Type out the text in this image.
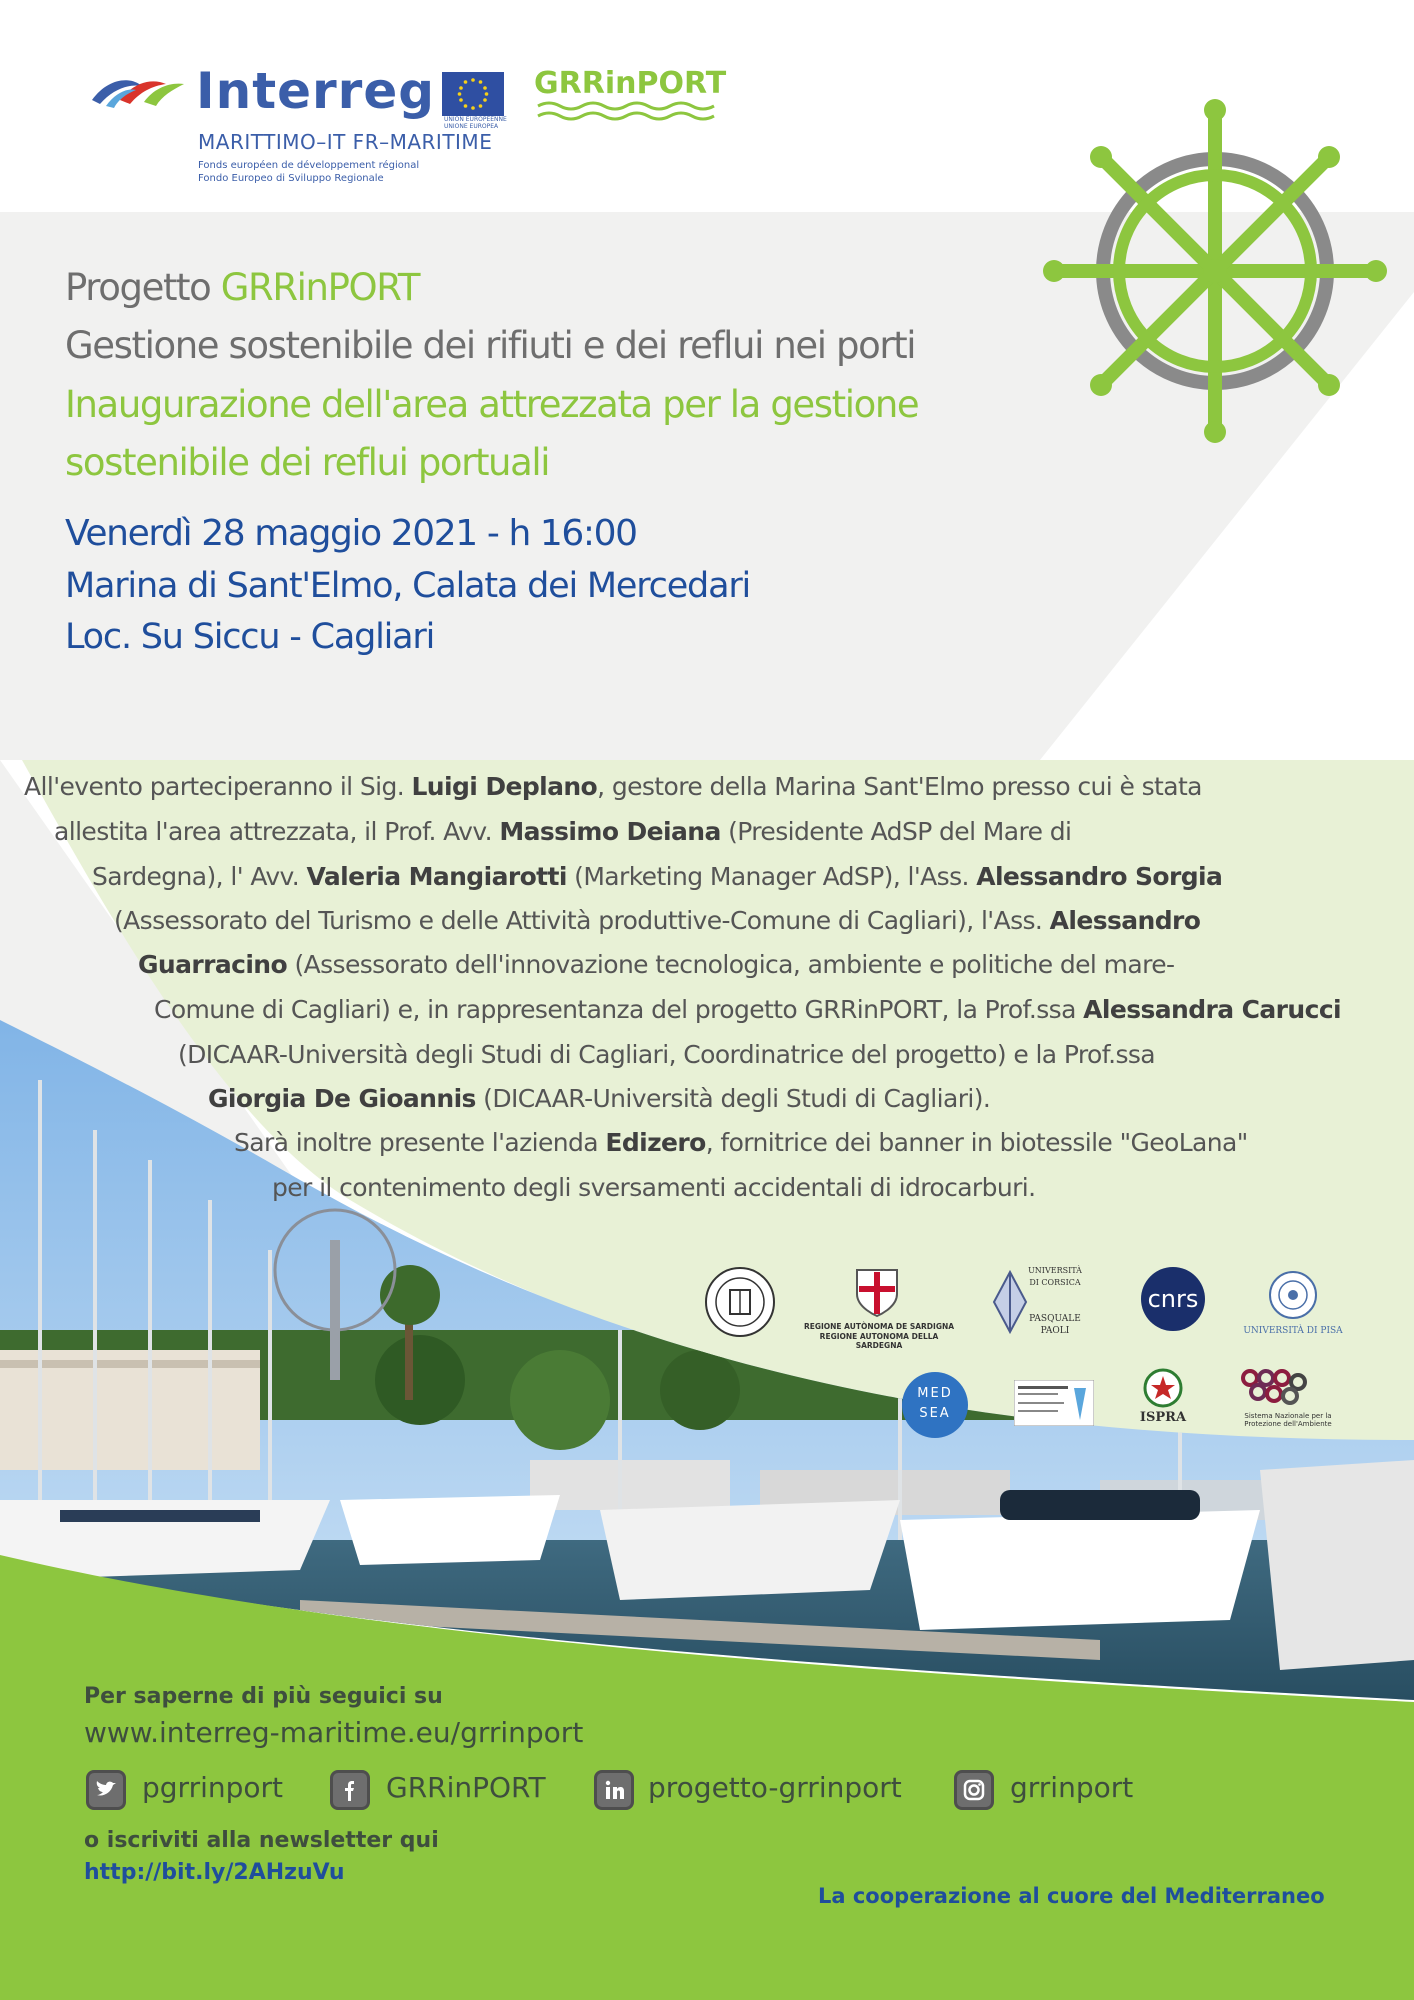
Interreg
MARITTIMO–IT FR–MARITIME
Fonds européen de développement régional
Fondo Europeo di Sviluppo Regionale
UNION EUROPÉENNE UNIONE EUROPEA
GRRinPORT
Progetto GRRinPORT
Gestione sostenibile dei rifiuti e dei reflui nei porti
Inaugurazione dell'area attrezzata per la gestione
sostenibile dei reflui portuali
Venerdì 28 maggio 2021 - h 16:00
Marina di Sant'Elmo, Calata dei Mercedari
Loc. Su Siccu - Cagliari
All'evento parteciperanno il Sig. Luigi Deplano, gestore della Marina Sant'Elmo presso cui è stata
allestita l'area attrezzata, il Prof. Avv. Massimo Deiana (Presidente AdSP del Mare di
Sardegna), l' Avv. Valeria Mangiarotti (Marketing Manager AdSP), l'Ass. Alessandro Sorgia
(Assessorato del Turismo e delle Attività produttive-Comune di Cagliari), l'Ass. Alessandro
Guarracino (Assessorato dell'innovazione tecnologica, ambiente e politiche del mare-
Comune di Cagliari) e, in rappresentanza del progetto GRRinPORT, la Prof.ssa Alessandra Carucci
(DICAAR-Università degli Studi di Cagliari, Coordinatrice del progetto) e la Prof.ssa
Giorgia De Gioannis (DICAAR-Università degli Studi di Cagliari).
Sarà inoltre presente l'azienda Edizero, fornitrice dei banner in biotessile "GeoLana"
per il contenimento degli sversamenti accidentali di idrocarburi.
REGIONE AUTÒNOMA DE SARDIGNA
REGIONE AUTONOMA DELLA SARDEGNA
UNIVERSITÀ
DI CORSICA
PASQUALE
PAOLI
cnrs
UNIVERSITÀ DI PISA
MED
SEA	ISPRA	Sistema Nazionale per la Protezione dell'Ambiente
Per saperne di più seguici su
www.interreg-maritime.eu/grrinport
pgrrinport	GRRinPORT	progetto-grrinport	grrinport
o iscriviti alla newsletter qui
http://bit.ly/2AHzuVu
La cooperazione al cuore del Mediterraneo
